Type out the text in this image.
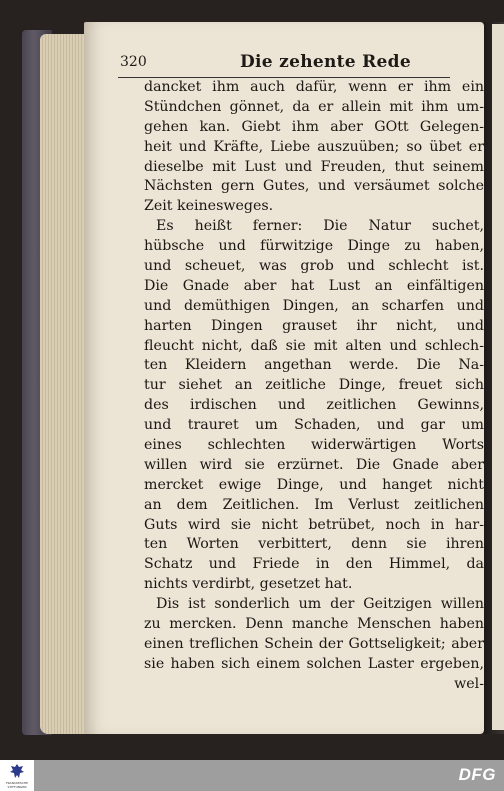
320	Die zehente Rede
dancket ihm auch dafür, wenn er ihm ein
Stündchen gönnet, da er allein mit ihm um-
gehen kan. Giebt ihm aber GOtt Gelegen-
heit und Kräfte, Liebe auszuüben; so übet er
dieselbe mit Lust und Freuden, thut seinem
Nächsten gern Gutes, und versäumet solche
Zeit keinesweges.
Es heißt ferner: Die Natur suchet,
hübsche und fürwitzige Dinge zu haben,
und scheuet, was grob und schlecht ist.
Die Gnade aber hat Lust an einfältigen
und demüthigen Dingen, an scharfen und
harten Dingen grauset ihr nicht, und
fleucht nicht, daß sie mit alten und schlech-
ten Kleidern angethan werde. Die Na-
tur siehet an zeitliche Dinge, freuet sich
des irdischen und zeitlichen Gewinns,
und trauret um Schaden, und gar um
eines schlechten widerwärtigen Worts
willen wird sie erzürnet. Die Gnade aber
mercket ewige Dinge, und hanget nicht
an dem Zeitlichen. Im Verlust zeitlichen
Guts wird sie nicht betrübet, noch in har-
ten Worten verbittert, denn sie ihren
Schatz und Friede in den Himmel, da
nichts verdirbt, gesetzet hat.
Dis ist sonderlich um der Geitzigen willen
zu mercken. Denn manche Menschen haben
einen treflichen Schein der Gottseligkeit; aber
sie haben sich einem solchen Laster ergeben,
wel-
FRANCKESCHE STIFTUNGEN
DFG
